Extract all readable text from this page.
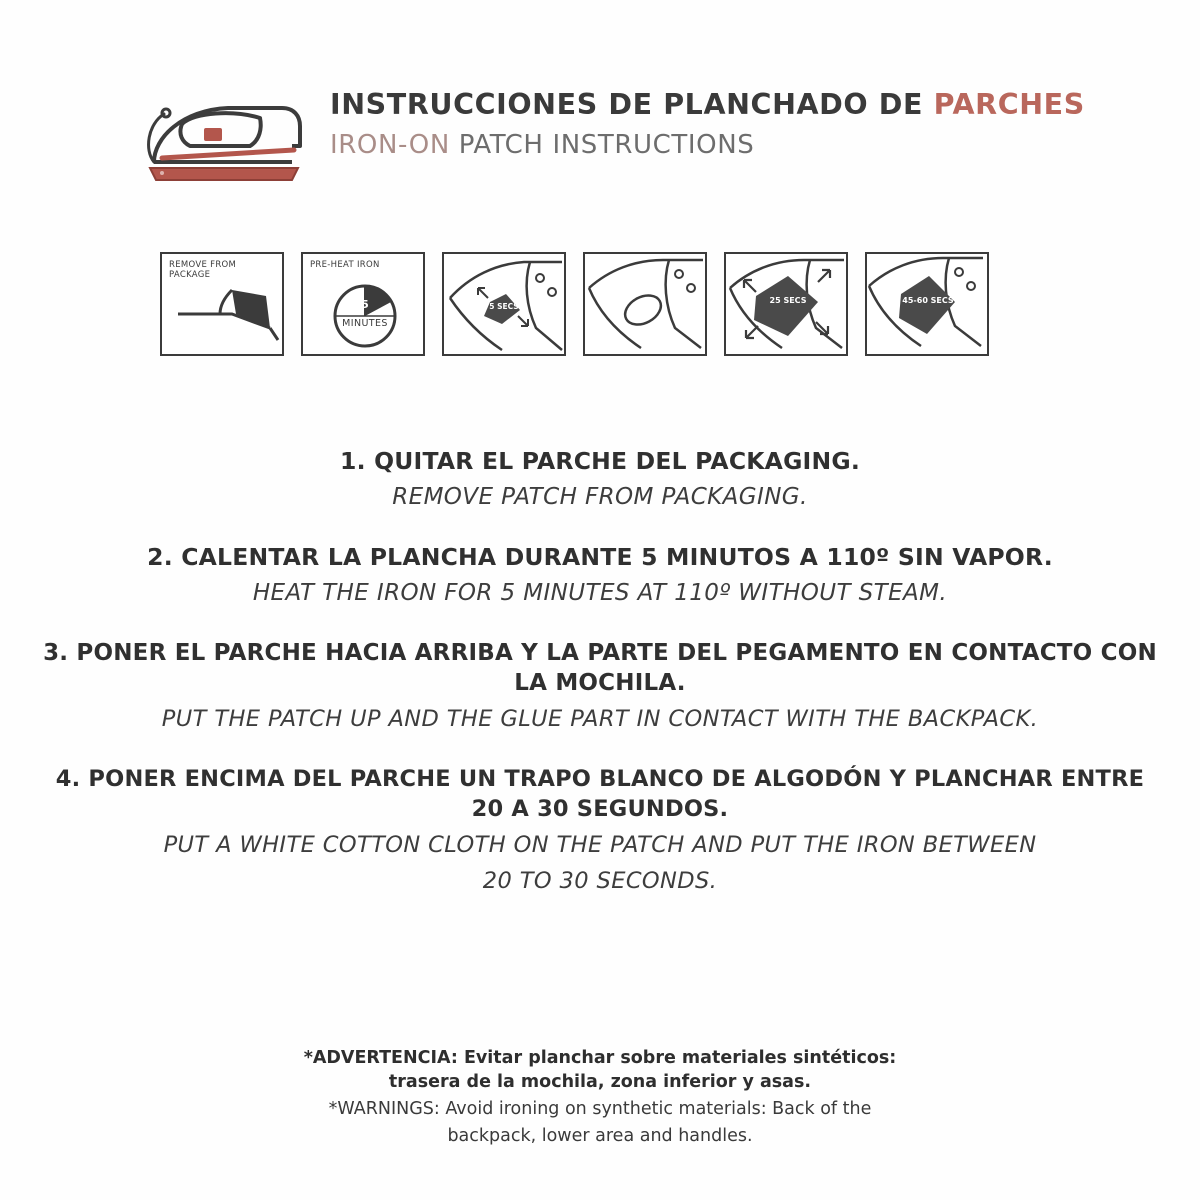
INSTRUCCIONES DE PLANCHADO DE PARCHES
IRON-ON PATCH INSTRUCTIONS
REMOVE FROM PACKAGE
PRE-HEAT IRON
5
MINUTES
5 SECS
25 SECS	45-60 SECS
1. QUITAR EL PARCHE DEL PACKAGING.
REMOVE PATCH FROM PACKAGING.
2. CALENTAR LA PLANCHA DURANTE 5 MINUTOS A 110º SIN VAPOR.
HEAT THE IRON FOR 5 MINUTES AT 110º WITHOUT STEAM.
3. PONER EL PARCHE HACIA ARRIBA Y LA PARTE DEL PEGAMENTO EN CONTACTO CON LA MOCHILA.
PUT THE PATCH UP AND THE GLUE PART IN CONTACT WITH THE BACKPACK.
4. PONER ENCIMA DEL PARCHE UN TRAPO BLANCO DE ALGODÓN Y PLANCHAR ENTRE
20 A 30 SEGUNDOS.
PUT A WHITE COTTON CLOTH ON THE PATCH AND PUT THE IRON BETWEEN
20 TO 30 SECONDS.
*ADVERTENCIA: Evitar planchar sobre materiales sintéticos:
trasera de la mochila, zona inferior y asas.
*WARNINGS: Avoid ironing on synthetic materials: Back of the
backpack, lower area and handles.
